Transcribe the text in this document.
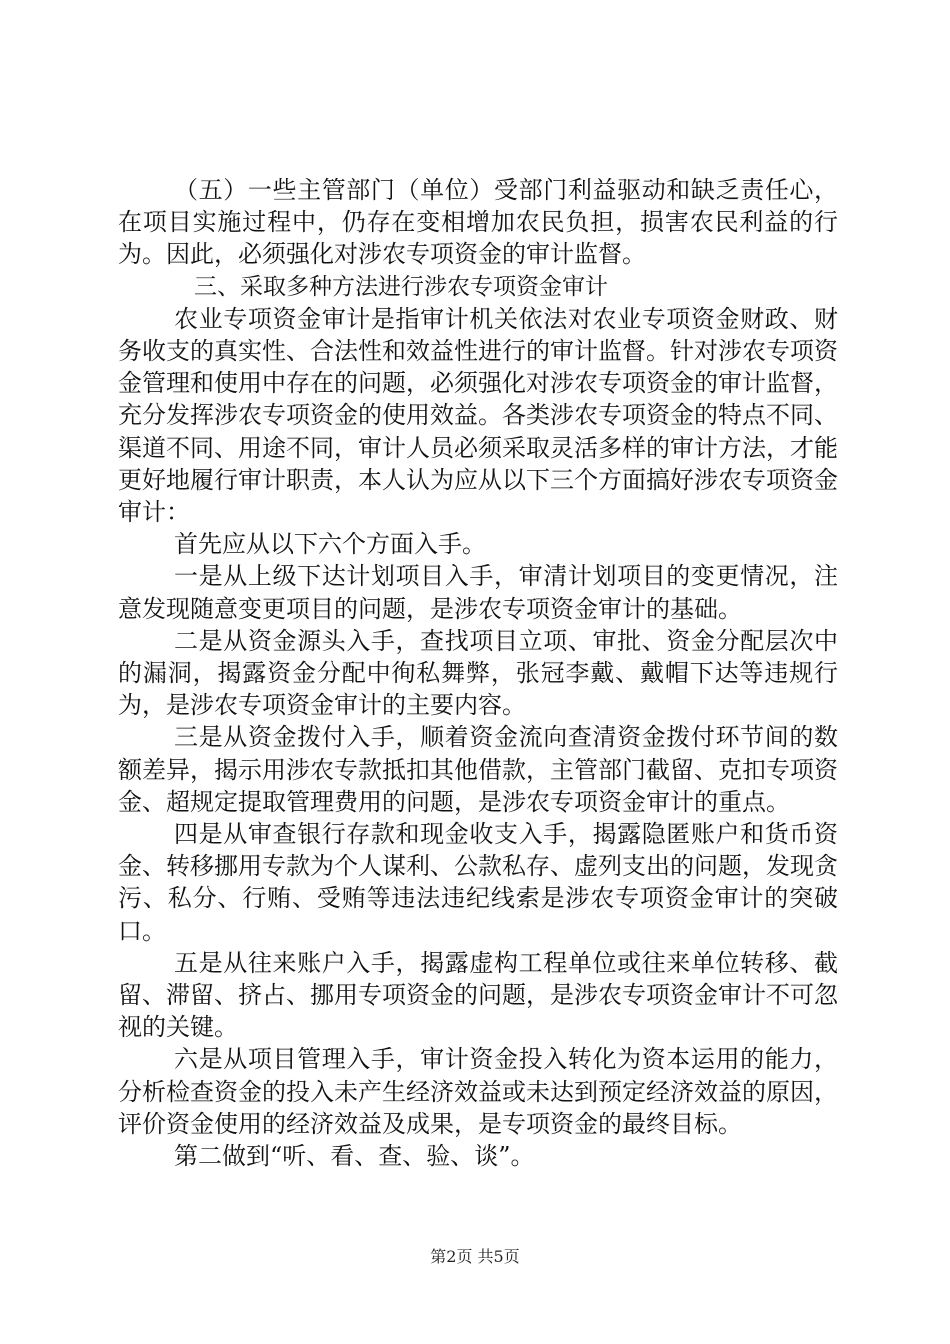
（五）一些主管部门（单位）受部门利益驱动和缺乏责任心，在项目实施过程中，仍存在变相增加农民负担，损害农民利益的行为。因此，必须强化对涉农专项资金的审计监督。

三、采取多种方法进行涉农专项资金审计

农业专项资金审计是指审计机关依法对农业专项资金财政、财务收支的真实性、合法性和效益性进行的审计监督。针对涉农专项资金管理和使用中存在的问题，必须强化对涉农专项资金的审计监督，充分发挥涉农专项资金的使用效益。各类涉农专项资金的特点不同、渠道不同、用途不同，审计人员必须采取灵活多样的审计方法，才能更好地履行审计职责，本人认为应从以下三个方面搞好涉农专项资金审计：

首先应从以下六个方面入手。

一是从上级下达计划项目入手，审清计划项目的变更情况，注意发现随意变更项目的问题，是涉农专项资金审计的基础。

二是从资金源头入手，查找项目立项、审批、资金分配层次中的漏洞，揭露资金分配中徇私舞弊，张冠李戴、戴帽下达等违规行为，是涉农专项资金审计的主要内容。

三是从资金拨付入手，顺着资金流向查清资金拨付环节间的数额差异，揭示用涉农专款抵扣其他借款，主管部门截留、克扣专项资金、超规定提取管理费用的问题，是涉农专项资金审计的重点。

四是从审查银行存款和现金收支入手，揭露隐匿账户和货币资金、转移挪用专款为个人谋利、公款私存、虚列支出的问题，发现贪污、私分、行贿、受贿等违法违纪线索是涉农专项资金审计的突破口。

五是从往来账户入手，揭露虚构工程单位或往来单位转移、截留、滞留、挤占、挪用专项资金的问题，是涉农专项资金审计不可忽视的关键。

六是从项目管理入手，审计资金投入转化为资本运用的能力，分析检查资金的投入未产生经济效益或未达到预定经济效益的原因，评价资金使用的经济效益及成果，是专项资金的最终目标。

第二做到“听、看、查、验、谈”。

第2页 共5页
